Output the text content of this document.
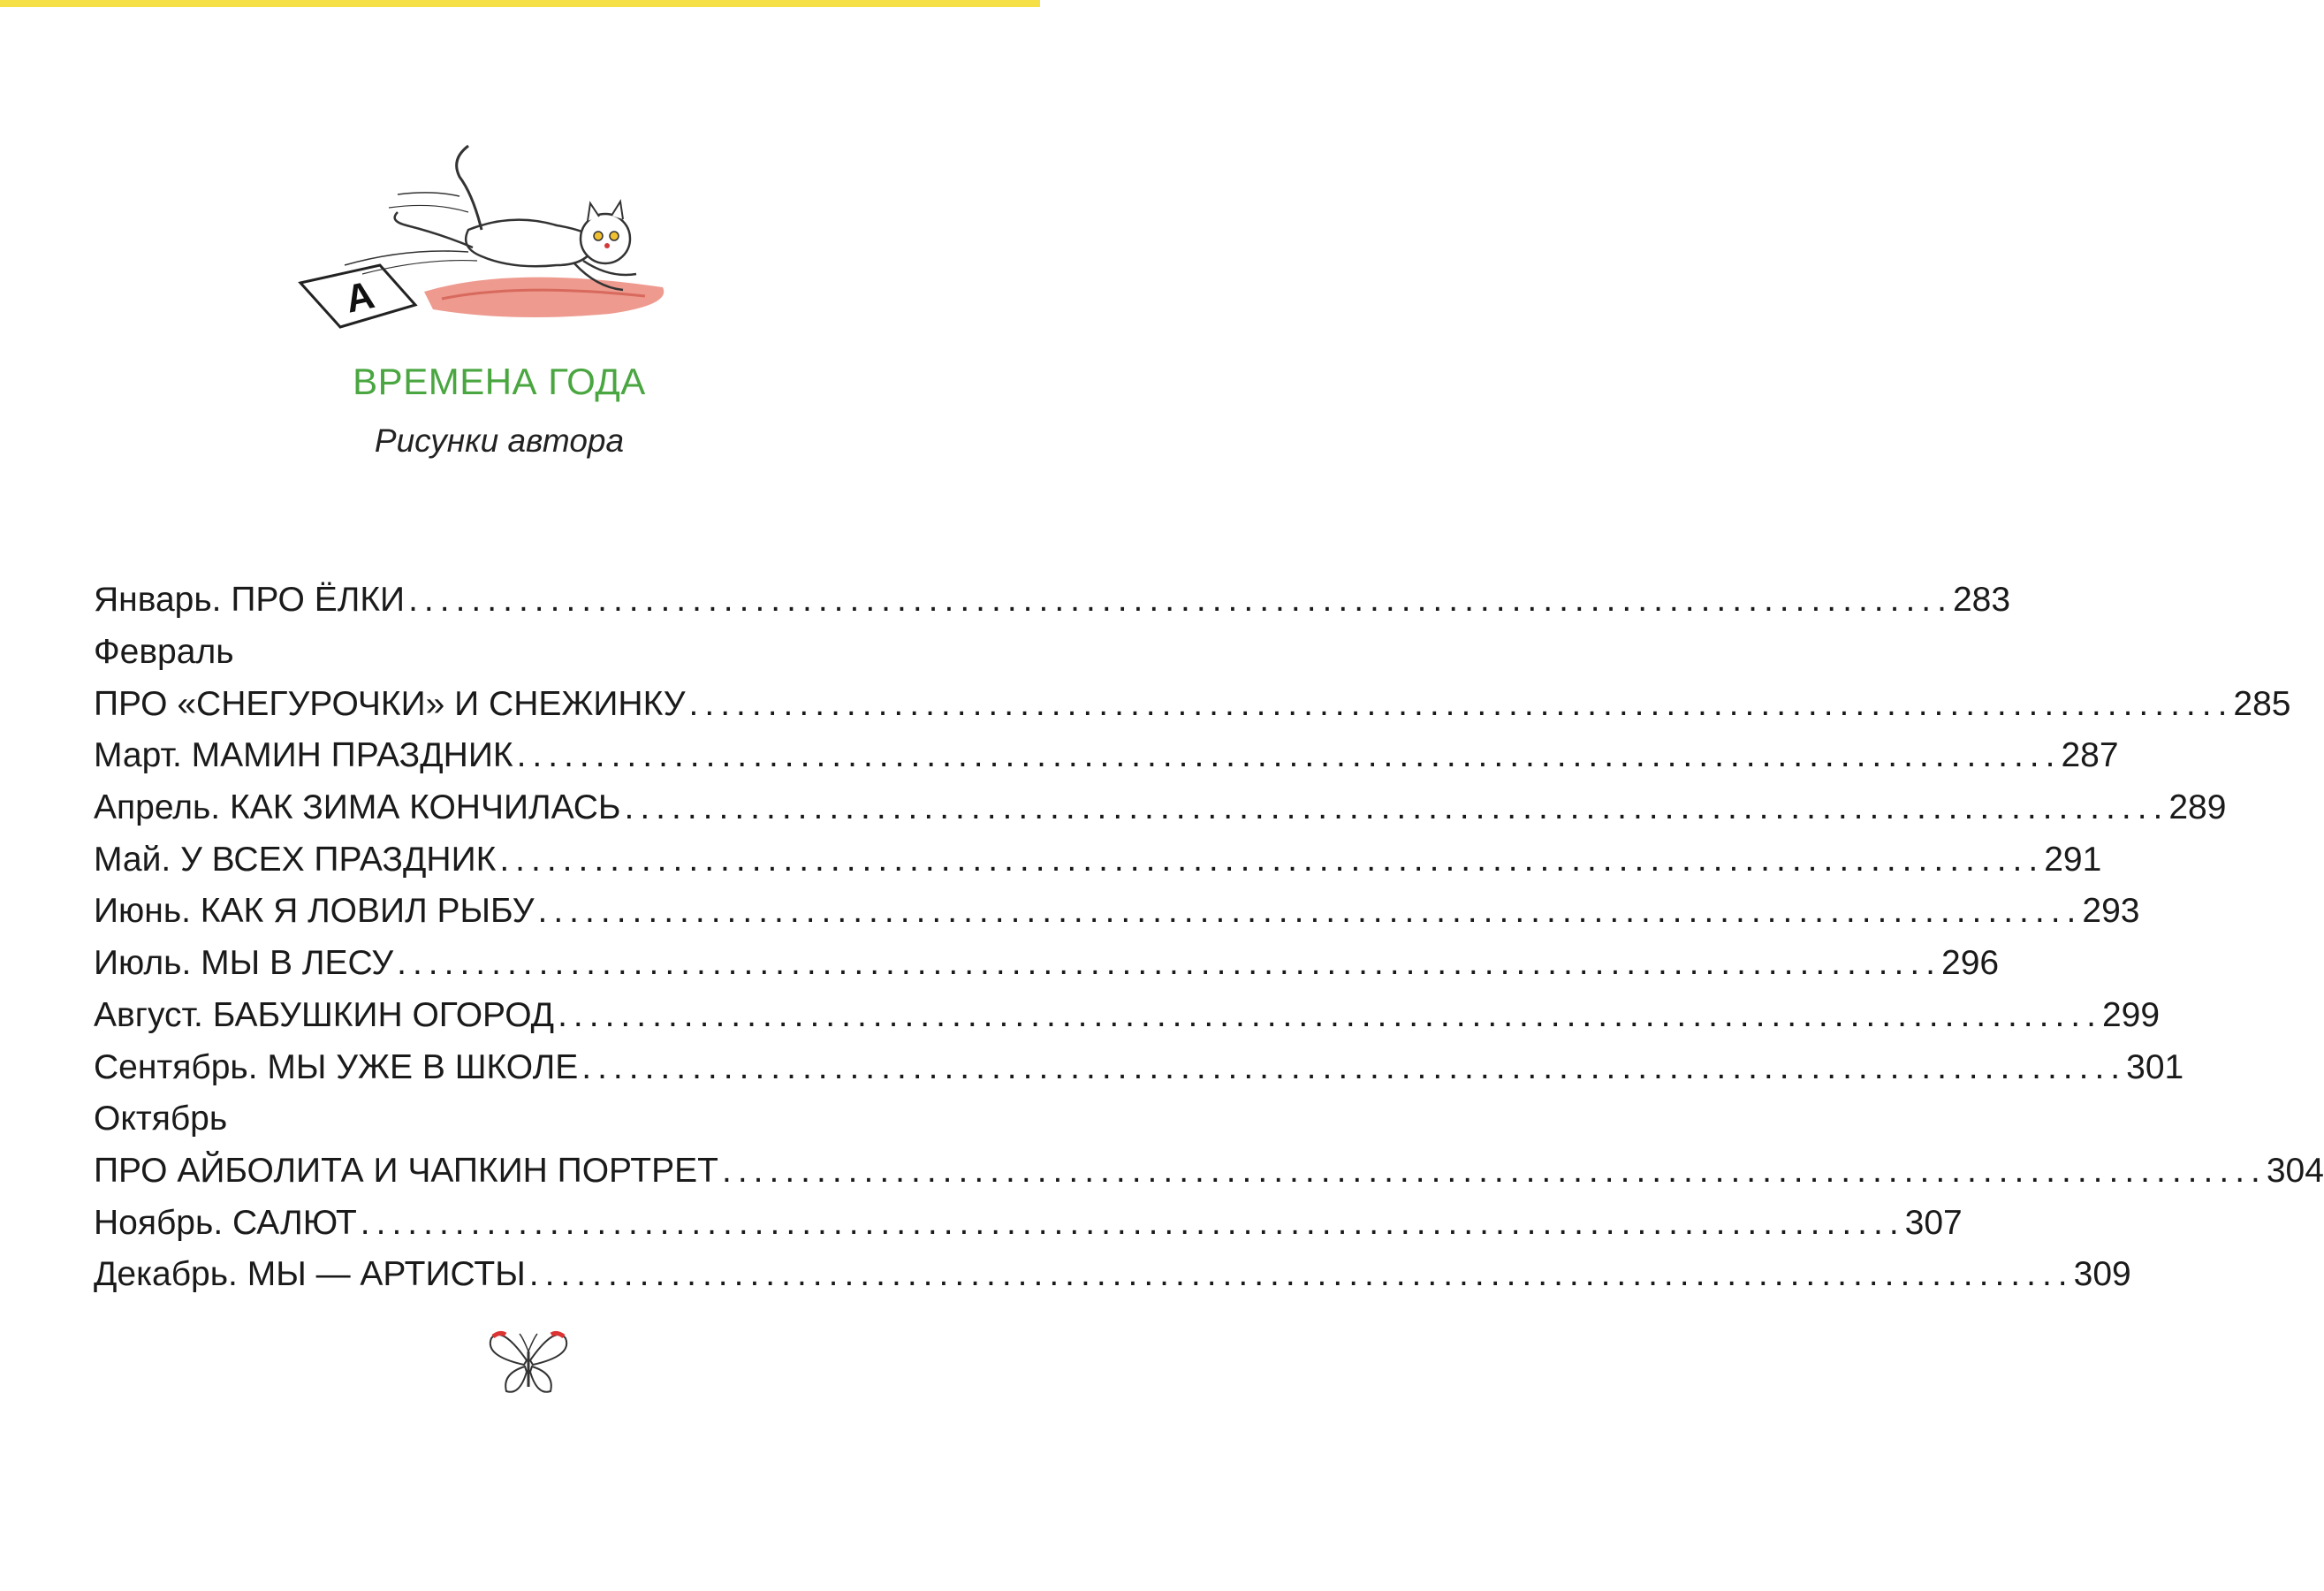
А
ВРЕМЕНА ГОДА
Рисунки автора
Январь. ПРО ЁЛКИ .................................................................................................. 283
Февраль
ПРО «СНЕГУРОЧКИ» И СНЕЖИНКУ .................................................................................................. 285
Март. МАМИН ПРАЗДНИК .................................................................................................. 287
Апрель. КАК ЗИМА КОНЧИЛАСЬ .................................................................................................. 289
Май. У ВСЕХ ПРАЗДНИК .................................................................................................. 291
Июнь. КАК Я ЛОВИЛ РЫБУ .................................................................................................. 293
Июль. МЫ В ЛЕСУ .................................................................................................. 296
Август. БАБУШКИН ОГОРОД .................................................................................................. 299
Сентябрь. МЫ УЖЕ В ШКОЛЕ .................................................................................................. 301
Октябрь
ПРО АЙБОЛИТА И ЧАПКИН ПОРТРЕТ .................................................................................................. 304
Ноябрь. САЛЮТ .................................................................................................. 307
Декабрь. МЫ — АРТИСТЫ .................................................................................................. 309
